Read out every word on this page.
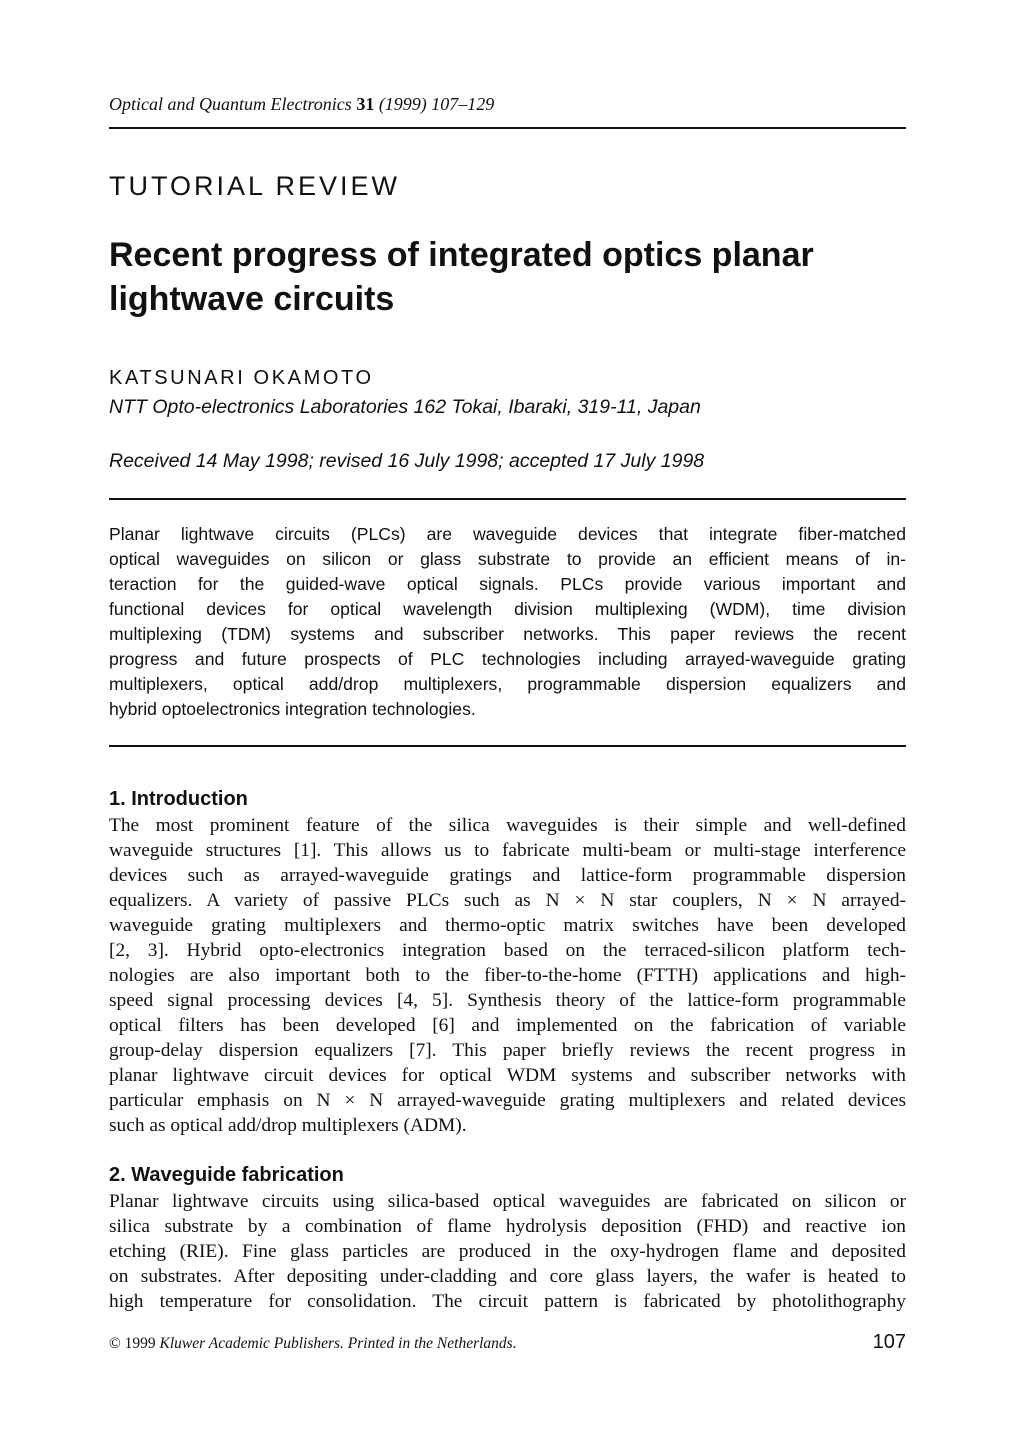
Optical and Quantum Electronics 31 (1999) 107–129
TUTORIAL REVIEW
Recent progress of integrated optics planar
lightwave circuits
KATSUNARI OKAMOTO
NTT Opto-electronics Laboratories 162 Tokai, Ibaraki, 319-11, Japan
Received 14 May 1998; revised 16 July 1998; accepted 17 July 1998
Planar lightwave circuits (PLCs) are waveguide devices that integrate fiber-matched
optical waveguides on silicon or glass substrate to provide an efficient means of in-
teraction for the guided-wave optical signals. PLCs provide various important and
functional devices for optical wavelength division multiplexing (WDM), time division
multiplexing (TDM) systems and subscriber networks. This paper reviews the recent
progress and future prospects of PLC technologies including arrayed-waveguide grating
multiplexers, optical add/drop multiplexers, programmable dispersion equalizers and
hybrid optoelectronics integration technologies.
1. Introduction
The most prominent feature of the silica waveguides is their simple and well-defined
waveguide structures [1]. This allows us to fabricate multi-beam or multi-stage interference
devices such as arrayed-waveguide gratings and lattice-form programmable dispersion
equalizers. A variety of passive PLCs such as N × N star couplers, N × N arrayed-
waveguide grating multiplexers and thermo-optic matrix switches have been developed
[2, 3]. Hybrid opto-electronics integration based on the terraced-silicon platform tech-
nologies are also important both to the fiber-to-the-home (FTTH) applications and high-
speed signal processing devices [4, 5]. Synthesis theory of the lattice-form programmable
optical filters has been developed [6] and implemented on the fabrication of variable
group-delay dispersion equalizers [7]. This paper briefly reviews the recent progress in
planar lightwave circuit devices for optical WDM systems and subscriber networks with
particular emphasis on N × N arrayed-waveguide grating multiplexers and related devices
such as optical add/drop multiplexers (ADM).
2. Waveguide fabrication
Planar lightwave circuits using silica-based optical waveguides are fabricated on silicon or
silica substrate by a combination of flame hydrolysis deposition (FHD) and reactive ion
etching (RIE). Fine glass particles are produced in the oxy-hydrogen flame and deposited
on substrates. After depositing under-cladding and core glass layers, the wafer is heated to
high temperature for consolidation. The circuit pattern is fabricated by photolithography
© 1999 Kluwer Academic Publishers. Printed in the Netherlands.	107
